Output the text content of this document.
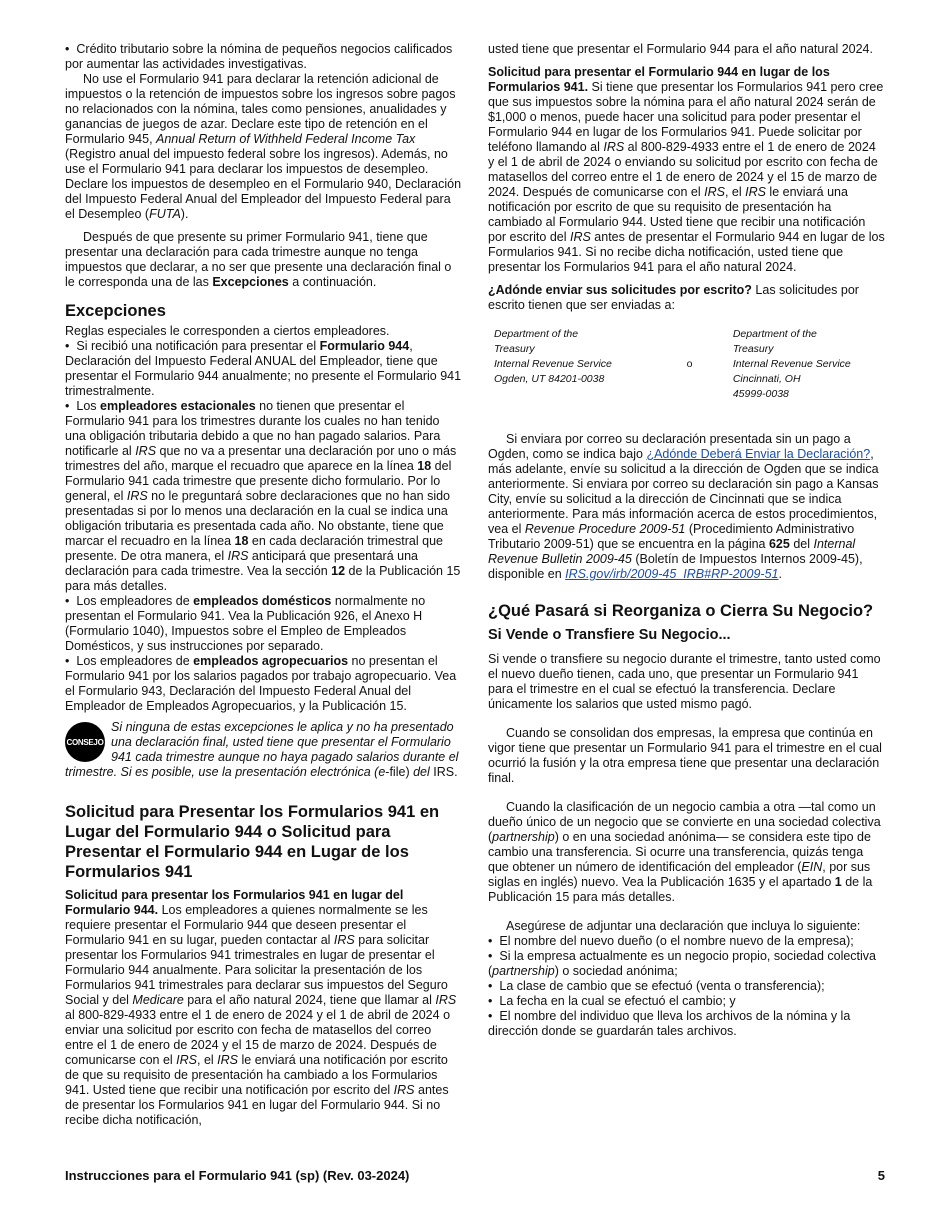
• Crédito tributario sobre la nómina de pequeños negocios calificados por aumentar las actividades investigativas.

No use el Formulario 941 para declarar la retención adicional de impuestos o la retención de impuestos sobre los ingresos sobre pagos no relacionados con la nómina, tales como pensiones, anualidades y ganancias de juegos de azar. Declare este tipo de retención en el Formulario 945, Annual Return of Withheld Federal Income Tax (Registro anual del impuesto federal sobre los ingresos). Además, no use el Formulario 941 para declarar los impuestos de desempleo. Declare los impuestos de desempleo en el Formulario 940, Declaración del Impuesto Federal Anual del Empleador del Impuesto Federal para el Desempleo (FUTA).

Después de que presente su primer Formulario 941, tiene que presentar una declaración para cada trimestre aunque no tenga impuestos que declarar, a no ser que presente una declaración final o le corresponda una de las Excepciones a continuación.

Excepciones

Reglas especiales le corresponden a ciertos empleadores.

• Si recibió una notificación para presentar el Formulario 944, Declaración del Impuesto Federal ANUAL del Empleador, tiene que presentar el Formulario 944 anualmente; no presente el Formulario 941 trimestralmente.

• Los empleadores estacionales no tienen que presentar el Formulario 941 para los trimestres durante los cuales no han tenido una obligación tributaria debido a que no han pagado salarios. Para notificarle al IRS que no va a presentar una declaración por uno o más trimestres del año, marque el recuadro que aparece en la línea 18 del Formulario 941 cada trimestre que presente dicho formulario. Por lo general, el IRS no le preguntará sobre declaraciones que no han sido presentadas si por lo menos una declaración en la cual se indica una obligación tributaria es presentada cada año. No obstante, tiene que marcar el recuadro en la línea 18 en cada declaración trimestral que presente. De otra manera, el IRS anticipará que presentará una declaración para cada trimestre. Vea la sección 12 de la Publicación 15 para más detalles.

• Los empleadores de empleados domésticos normalmente no presentan el Formulario 941. Vea la Publicación 926, el Anexo H (Formulario 1040), Impuestos sobre el Empleo de Empleados Domésticos, y sus instrucciones por separado.

• Los empleadores de empleados agropecuarios no presentan el Formulario 941 por los salarios pagados por trabajo agropecuario. Vea el Formulario 943, Declaración del Impuesto Federal Anual del Empleador de Empleados Agropecuarios, y la Publicación 15.

CONSEJO
Si ninguna de estas excepciones le aplica y no ha presentado una declaración final, usted tiene que presentar el Formulario 941 cada trimestre aunque no haya pagado salarios durante el trimestre. Si es posible, use la presentación electrónica (e-file) del IRS.
Solicitud para Presentar los Formularios 941 en Lugar del Formulario 944 o Solicitud para Presentar el Formulario 944 en Lugar de los Formularios 941

Solicitud para presentar los Formularios 941 en lugar del Formulario 944. Los empleadores a quienes normalmente se les requiere presentar el Formulario 944 que deseen presentar el Formulario 941 en su lugar, pueden contactar al IRS para solicitar presentar los Formularios 941 trimestrales en lugar de presentar el Formulario 944 anualmente. Para solicitar la presentación de los Formularios 941 trimestrales para declarar sus impuestos del Seguro Social y del Medicare para el año natural 2024, tiene que llamar al IRS al 800-829-4933 entre el 1 de enero de 2024 y el 1 de abril de 2024 o enviar una solicitud por escrito con fecha de matasellos del correo entre el 1 de enero de 2024 y el 15 de marzo de 2024. Después de comunicarse con el IRS, el IRS le enviará una notificación por escrito de que su requisito de presentación ha cambiado a los Formularios 941. Usted tiene que recibir una notificación por escrito del IRS antes de presentar los Formularios 941 en lugar del Formulario 944. Si no recibe dicha notificación,

usted tiene que presentar el Formulario 944 para el año natural 2024.

Solicitud para presentar el Formulario 944 en lugar de los Formularios 941. Si tiene que presentar los Formularios 941 pero cree que sus impuestos sobre la nómina para el año natural 2024 serán de $1,000 o menos, puede hacer una solicitud para poder presentar el Formulario 944 en lugar de los Formularios 941. Puede solicitar por teléfono llamando al IRS al 800-829-4933 entre el 1 de enero de 2024 y el 1 de abril de 2024 o enviando su solicitud por escrito con fecha de matasellos del correo entre el 1 de enero de 2024 y el 15 de marzo de 2024. Después de comunicarse con el IRS, el IRS le enviará una notificación por escrito de que su requisito de presentación ha cambiado al Formulario 944. Usted tiene que recibir una notificación por escrito del IRS antes de presentar el Formulario 944 en lugar de los Formularios 941. Si no recibe dicha notificación, usted tiene que presentar los Formularios 941 para el año natural 2024.

¿Adónde enviar sus solicitudes por escrito? Las solicitudes por escrito tienen que ser enviadas a:

Department of the
Treasury
Internal Revenue Service
Ogden, UT 84201-0038
o
Department of the
Treasury
Internal Revenue Service
Cincinnati, OH
45999-0038

Si enviara por correo su declaración presentada sin un pago a Ogden, como se indica bajo ¿Adónde Deberá Enviar la Declaración?, más adelante, envíe su solicitud a la dirección de Ogden que se indica anteriormente. Si enviara por correo su declaración sin pago a Kansas City, envíe su solicitud a la dirección de Cincinnati que se indica anteriormente. Para más información acerca de estos procedimientos, vea el Revenue Procedure 2009-51 (Procedimiento Administrativo Tributario 2009-51) que se encuentra en la página 625 del Internal Revenue Bulletin 2009-45 (Boletín de Impuestos Internos 2009-45), disponible en IRS.gov/irb/2009-45_IRB#RP-2009-51.

¿Qué Pasará si Reorganiza o Cierra Su Negocio?
Si Vende o Transfiere Su Negocio...

Si vende o transfiere su negocio durante el trimestre, tanto usted como el nuevo dueño tienen, cada uno, que presentar un Formulario 941 para el trimestre en el cual se efectuó la transferencia. Declare únicamente los salarios que usted mismo pagó.

Cuando se consolidan dos empresas, la empresa que continúa en vigor tiene que presentar un Formulario 941 para el trimestre en el cual ocurrió la fusión y la otra empresa tiene que presentar una declaración final.

Cuando la clasificación de un negocio cambia a otra —tal como un dueño único de un negocio que se convierte en una sociedad colectiva (partnership) o en una sociedad anónima— se considera este tipo de cambio una transferencia. Si ocurre una transferencia, quizás tenga que obtener un número de identificación del empleador (EIN, por sus siglas en inglés) nuevo. Vea la Publicación 1635 y el apartado 1 de la Publicación 15 para más detalles.

Asegúrese de adjuntar una declaración que incluya lo siguiente:

• El nombre del nuevo dueño (o el nombre nuevo de la empresa);

• Si la empresa actualmente es un negocio propio, sociedad colectiva (partnership) o sociedad anónima;

• La clase de cambio que se efectuó (venta o transferencia);

• La fecha en la cual se efectuó el cambio; y

• El nombre del individuo que lleva los archivos de la nómina y la dirección donde se guardarán tales archivos.

Instrucciones para el Formulario 941 (sp) (Rev. 03-2024)	5
